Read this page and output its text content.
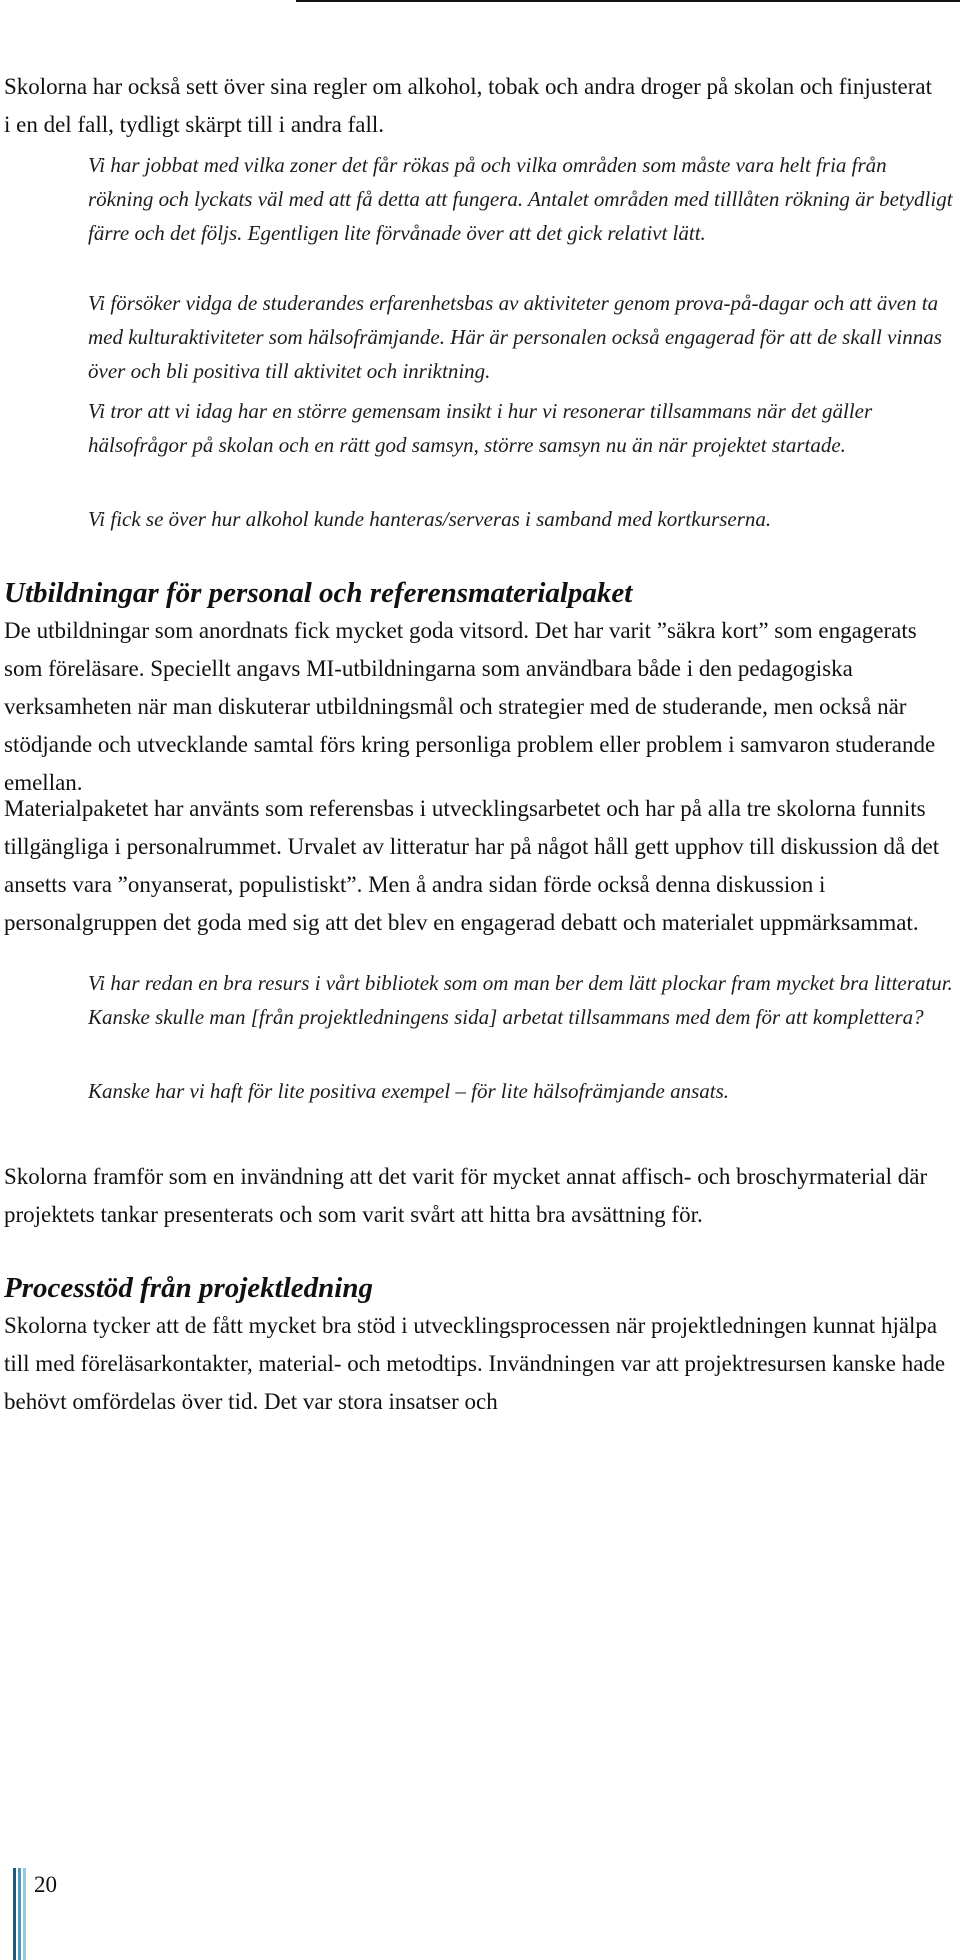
Skolorna har också sett över sina regler om alkohol, tobak och andra droger på skolan och finjusterat i en del fall, tydligt skärpt till i andra fall.

Vi har jobbat med vilka zoner det får rökas på och vilka områden som måste vara helt fria från rökning och lyckats väl med att få detta att fungera. Antalet områden med tilllåten rökning är betydligt färre och det följs. Egentligen lite förvånade över att det gick relativt lätt.

Vi försöker vidga de studerandes erfarenhetsbas av aktiviteter genom prova-på-dagar och att även ta med kulturaktiviteter som hälsofrämjande. Här är personalen också engagerad för att de skall vinnas över och bli positiva till aktivitet och inriktning.

Vi tror att vi idag har en större gemensam insikt i hur vi resonerar tillsammans när det gäller hälsofrågor på skolan och en rätt god samsyn, större samsyn nu än när projektet startade.

Vi fick se över hur alkohol kunde hanteras/serveras i samband med kortkurserna.

Utbildningar för personal och referensmaterialpaket

De utbildningar som anordnats fick mycket goda vitsord. Det har varit ”säkra kort” som engagerats som föreläsare. Speciellt angavs MI-utbildningarna som användbara både i den pedagogiska verksamheten när man diskuterar utbildningsmål och strategier med de studerande, men också när stödjande och utvecklande samtal förs kring personliga problem eller problem i samvaron studerande emellan.

Materialpaketet har använts som referensbas i utvecklingsarbetet och har på alla tre skolorna funnits tillgängliga i personalrummet. Urvalet av litteratur har på något håll gett upphov till diskussion då det ansetts vara ”onyanserat, populistiskt”. Men å andra sidan förde också denna diskussion i personalgruppen det goda med sig att det blev en engagerad debatt och materialet uppmärksammat.

Vi har redan en bra resurs i vårt bibliotek som om man ber dem lätt plockar fram mycket bra litteratur. Kanske skulle man [från projektledningens sida] arbetat tillsammans med dem för att komplettera?

Kanske har vi haft för lite positiva exempel – för lite hälsofrämjande ansats.

Skolorna framför som en invändning att det varit för mycket annat affisch- och broschyrmaterial där projektets tankar presenterats och som varit svårt att hitta bra avsättning för.

Processtöd från projektledning

Skolorna tycker att de fått mycket bra stöd i utvecklingsprocessen när projektledningen kunnat hjälpa till med föreläsarkontakter, material- och metodtips. Invändningen var att projektresursen kanske hade behövt omfördelas över tid. Det var stora insatser och

20
